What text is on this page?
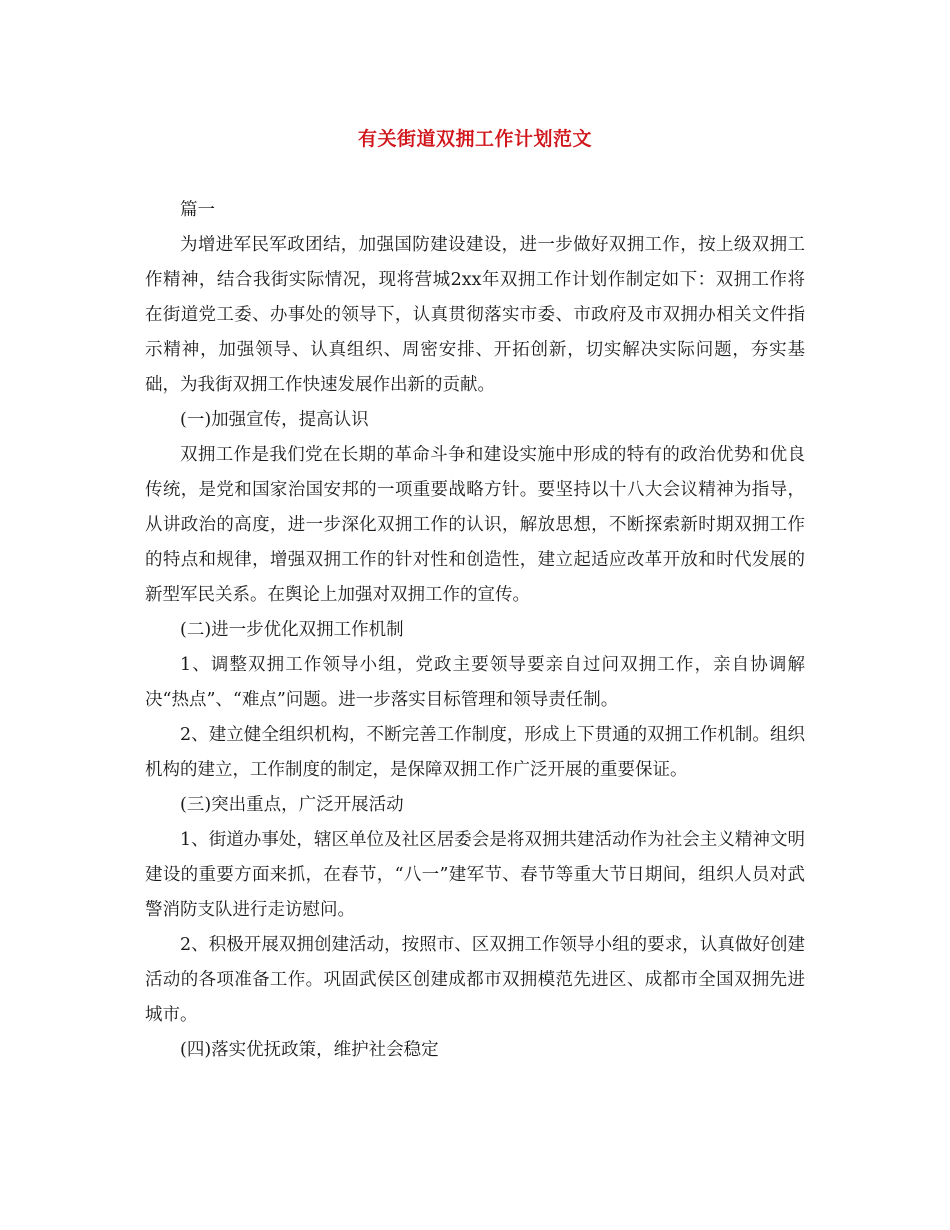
有关街道双拥工作计划范文

篇一

为增进军民军政团结，加强国防建设建设，进一步做好双拥工作，按上级双拥工作精神，结合我街实际情况，现将营城2xx年双拥工作计划作制定如下：双拥工作将在街道党工委、办事处的领导下，认真贯彻落实市委、市政府及市双拥办相关文件指示精神，加强领导、认真组织、周密安排、开拓创新，切实解决实际问题，夯实基础，为我街双拥工作快速发展作出新的贡献。

(一)加强宣传，提高认识

双拥工作是我们党在长期的革命斗争和建设实施中形成的特有的政治优势和优良传统，是党和国家治国安邦的一项重要战略方针。要坚持以十八大会议精神为指导，从讲政治的高度，进一步深化双拥工作的认识，解放思想，不断探索新时期双拥工作的特点和规律，增强双拥工作的针对性和创造性，建立起适应改革开放和时代发展的新型军民关系。在舆论上加强对双拥工作的宣传。

(二)进一步优化双拥工作机制

1、调整双拥工作领导小组，党政主要领导要亲自过问双拥工作，亲自协调解决“热点”、“难点”问题。进一步落实目标管理和领导责任制。

2、建立健全组织机构，不断完善工作制度，形成上下贯通的双拥工作机制。组织机构的建立，工作制度的制定，是保障双拥工作广泛开展的重要保证。

(三)突出重点，广泛开展活动

1、街道办事处，辖区单位及社区居委会是将双拥共建活动作为社会主义精神文明建设的重要方面来抓，在春节，“八一”建军节、春节等重大节日期间，组织人员对武警消防支队进行走访慰问。

2、积极开展双拥创建活动，按照市、区双拥工作领导小组的要求，认真做好创建活动的各项准备工作。巩固武侯区创建成都市双拥模范先进区、成都市全国双拥先进城市。

(四)落实优抚政策，维护社会稳定
